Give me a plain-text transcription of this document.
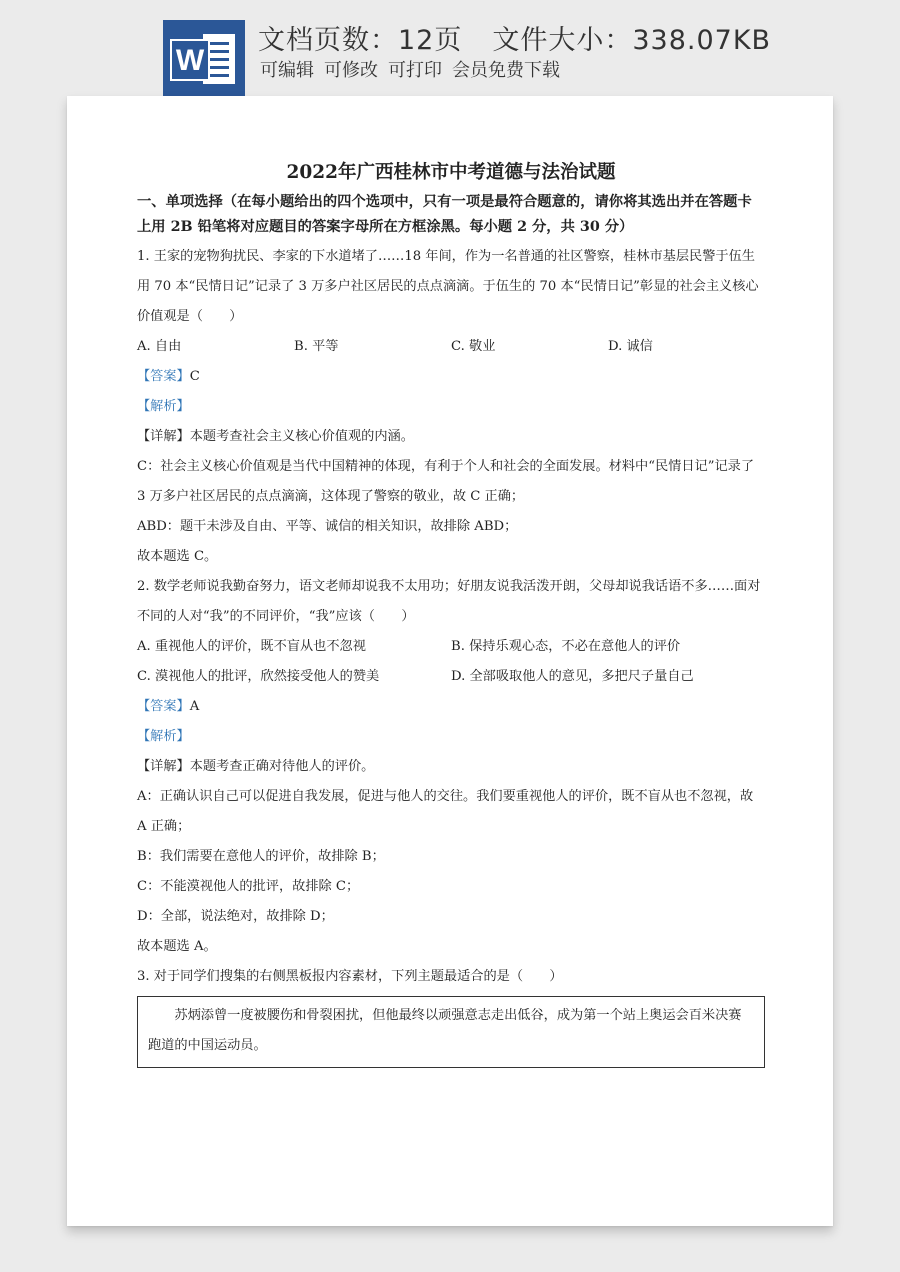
W
文档页数：12页 文件大小：338.07KB
可编辑 可修改 可打印 会员免费下载
2022年广西桂林市中考道德与法治试题
一、单项选择（在每小题给出的四个选项中，只有一项是最符合题意的，请你将其选出并在答题卡上用 2B 铅笔将对应题目的答案字母所在方框涂黑。每小题 2 分，共 30 分）

1. 王家的宠物狗扰民、李家的下水道堵了……18 年间，作为一名普通的社区警察，桂林市基层民警于伍生用 70 本“民情日记”记录了 3 万多户社区居民的点点滴滴。于伍生的 70 本“民情日记”彰显的社会主义核心价值观是（　　）

A. 自由	B. 平等	C. 敬业	D. 诚信

【答案】C

【解析】

【详解】本题考查社会主义核心价值观的内涵。

C：社会主义核心价值观是当代中国精神的体现，有利于个人和社会的全面发展。材料中“民情日记”记录了 3 万多户社区居民的点点滴滴，这体现了警察的敬业，故 C 正确；

ABD：题干未涉及自由、平等、诚信的相关知识，故排除 ABD；

故本题选 C。

2. 数学老师说我勤奋努力，语文老师却说我不太用功；好朋友说我活泼开朗，父母却说我话语不多……面对不同的人对“我”的不同评价，“我”应该（　　）

A. 重视他人的评价，既不盲从也不忽视	B. 保持乐观心态，不必在意他人的评价
C. 漠视他人的批评，欣然接受他人的赞美	D. 全部吸取他人的意见，多把尺子量自己

【答案】A

【解析】

【详解】本题考查正确对待他人的评价。

A：正确认识自己可以促进自我发展，促进与他人的交往。我们要重视他人的评价，既不盲从也不忽视，故 A 正确；

B：我们需要在意他人的评价，故排除 B；

C：不能漠视他人的批评，故排除 C；

D：全部，说法绝对，故排除 D；

故本题选 A。

3. 对于同学们搜集的右侧黑板报内容素材，下列主题最适合的是（　　）

苏炳添曾一度被腰伤和骨裂困扰，但他最终以顽强意志走出低谷，成为第一个站上奥运会百米决赛跑道的中国运动员。
